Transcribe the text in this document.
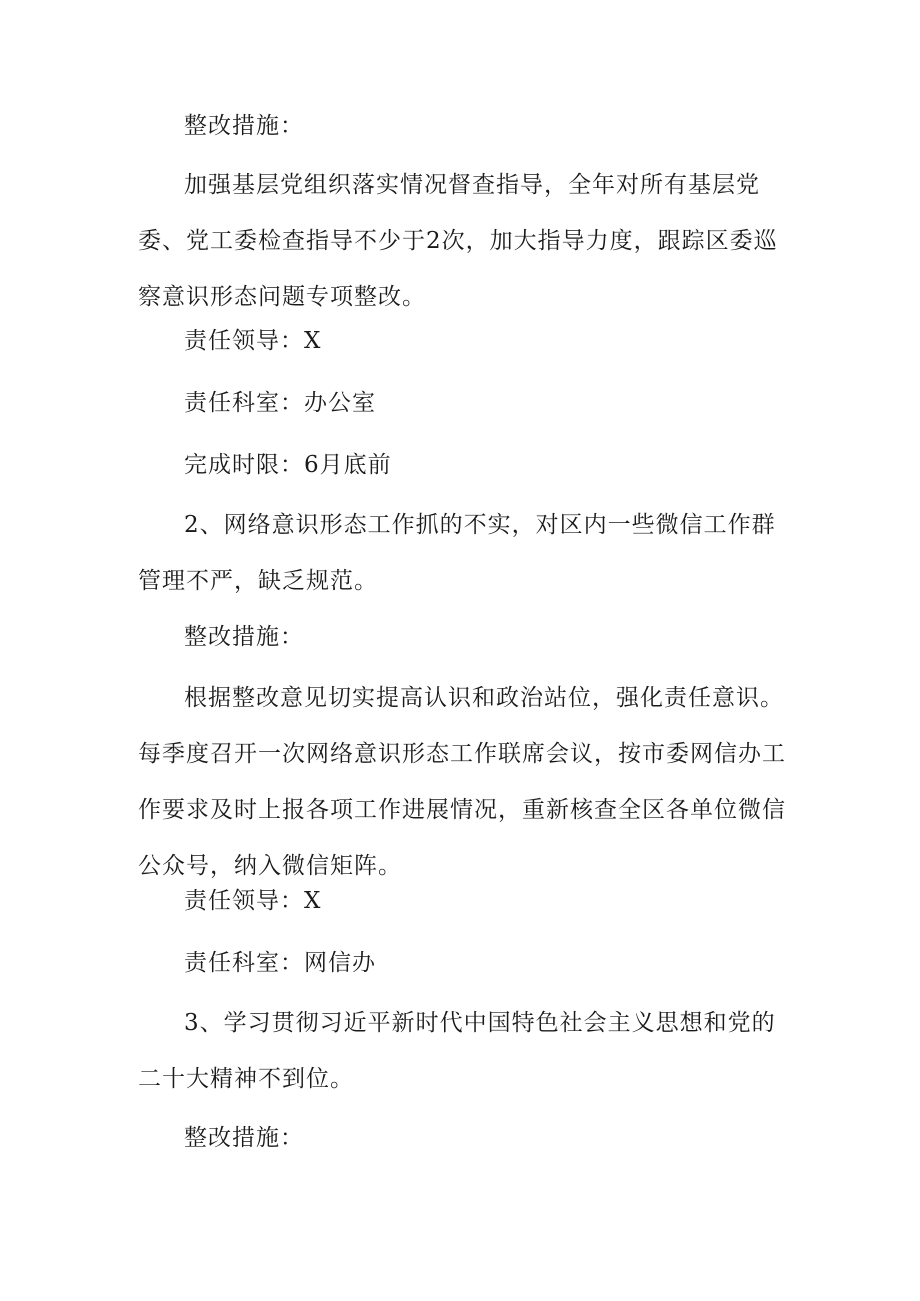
整改措施：

加强基层党组织落实情况督查指导，全年对所有基层党委、党工委检查指导不少于2次，加大指导力度，跟踪区委巡察意识形态问题专项整改。

责任领导：X

责任科室：办公室

完成时限：6月底前

2、网络意识形态工作抓的不实，对区内一些微信工作群管理不严，缺乏规范。

整改措施：

根据整改意见切实提高认识和政治站位，强化责任意识。每季度召开一次网络意识形态工作联席会议，按市委网信办工作要求及时上报各项工作进展情况，重新核查全区各单位微信公众号，纳入微信矩阵。

责任领导：X

责任科室：网信办

3、学习贯彻习近平新时代中国特色社会主义思想和党的二十大精神不到位。

整改措施：
